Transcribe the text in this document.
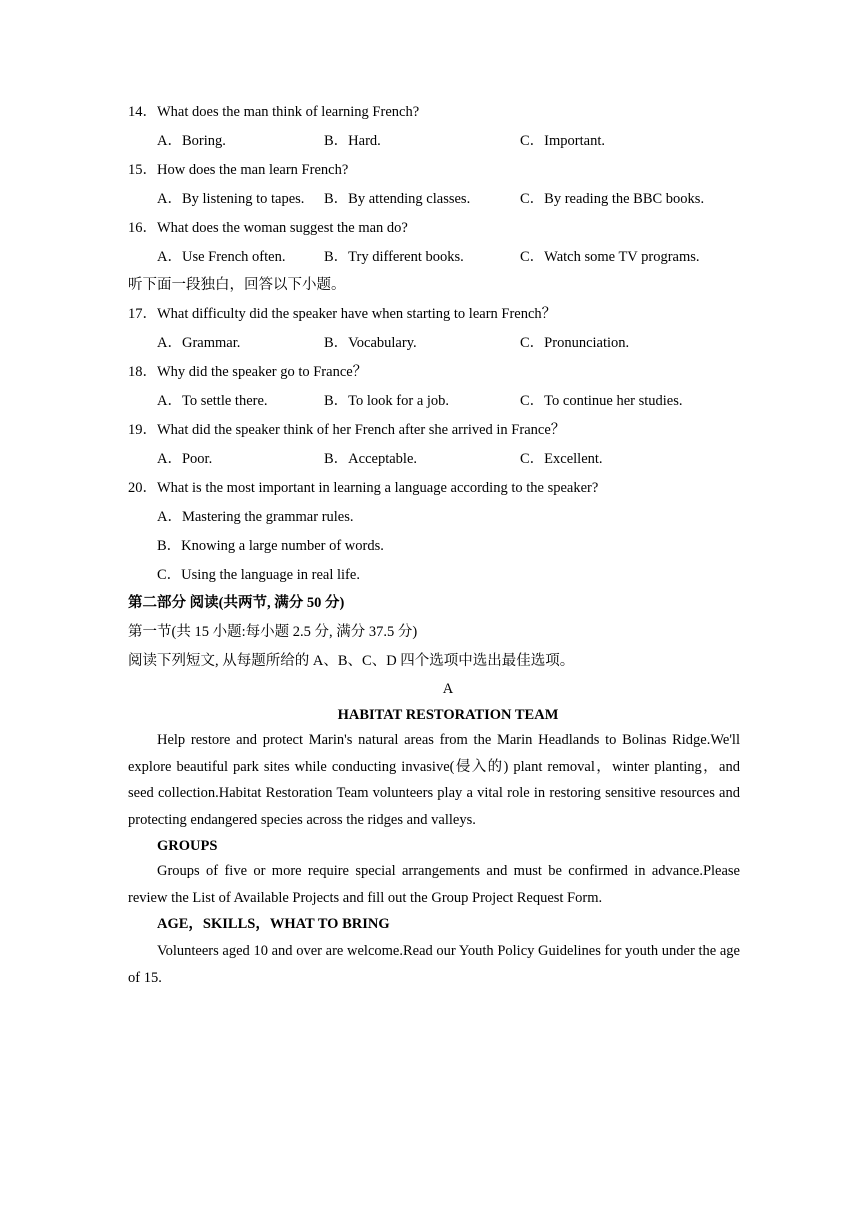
14．What does the man think of learning French?
A．Boring.	B．Hard.	C．Important.
15．How does the man learn French?
A．By listening to tapes. B．By attending classes.	C．By reading the BBC books.
16．What does the woman suggest the man do?
A．Use French often.	B．Try different books.	C．Watch some TV programs.
听下面一段独白，回答以下小题。
17．What difficulty did the speaker have when starting to learn French？
A．Grammar.	B．Vocabulary.	C．Pronunciation.
18．Why did the speaker go to France？
A．To settle there.	B．To look for a job.	C．To continue her studies.
19．What did the speaker think of her French after she arrived in France？
A．Poor.	B．Acceptable.	C．Excellent.
20．What is the most important in learning a language according to the speaker?
A．Mastering the grammar rules.
B．Knowing a large number of words.
C．Using the language in real life.
第二部分 阅读(共两节, 满分 50 分)
第一节(共 15 小题:每小题 2.5 分, 满分 37.5 分)
阅读下列短文, 从每题所给的 A、B、C、D 四个选项中选出最佳选项。
A
HABITAT RESTORATION TEAM
Help restore and protect Marin's natural areas from the Marin Headlands to Bolinas Ridge.We'll explore beautiful park sites while conducting invasive(侵入的) plant removal，winter planting，and seed collection.Habitat Restoration Team volunteers play a vital role in restoring sensitive resources and protecting endangered species across the ridges and valleys.
GROUPS
Groups of five or more require special arrangements and must be confirmed in advance.Please review the List of Available Projects and fill out the Group Project Request Form.
AGE，SKILLS，WHAT TO BRING
Volunteers aged 10 and over are welcome.Read our Youth Policy Guidelines for youth under the age of 15.
